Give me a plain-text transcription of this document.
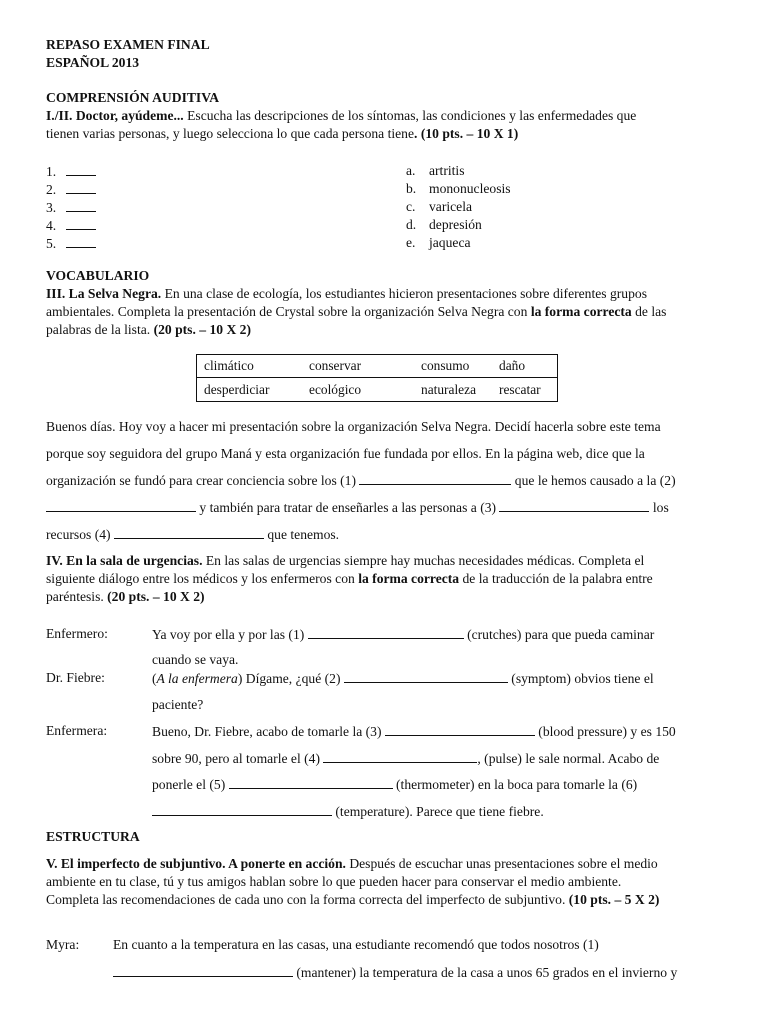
REPASO EXAMEN FINAL
ESPAÑOL 2013
COMPRENSIÓN AUDITIVA
I./II. Doctor, ayúdeme... Escucha las descripciones de los síntomas, las condiciones y las enfermedades que
tienen varias personas, y luego selecciona lo que cada persona tiene. (10 pts. – 10 X 1)
1.
2.
3.
4.
5.
a. artritis
b. mononucleosis
c. varicela
d. depresión
e. jaqueca
VOCABULARIO
III. La Selva Negra. En una clase de ecología, los estudiantes hicieron presentaciones sobre diferentes grupos
ambientales. Completa la presentación de Crystal sobre la organización Selva Negra con la forma correcta de las
palabras de la lista. (20 pts. – 10 X 2)
climático	conservar	consumo daño
desperdiciar	ecológico	naturaleza rescatar
Buenos días. Hoy voy a hacer mi presentación sobre la organización Selva Negra. Decidí hacerla sobre este tema
porque soy seguidora del grupo Maná y esta organización fue fundada por ellos. En la página web, dice que la
organización se fundó para crear conciencia sobre los (1)	que le hemos causado a la (2)
y también para tratar de enseñarles a las personas a (3)	los
recursos (4)	que tenemos.
IV. En la sala de urgencias. En las salas de urgencias siempre hay muchas necesidades médicas. Completa el
siguiente diálogo entre los médicos y los enfermeros con la forma correcta de la traducción de la palabra entre
paréntesis. (20 pts. – 10 X 2)
Enfermero:	Ya voy por ella y por las (1)	(crutches) para que pueda caminar
cuando se vaya.
Dr. Fiebre:	(A la enfermera) Dígame, ¿qué (2)	(symptom) obvios tiene el
paciente?
Enfermera:	Bueno, Dr. Fiebre, acabo de tomarle la (3)	(blood pressure) y es 150
sobre 90, pero al tomarle el (4)	, (pulse) le sale normal. Acabo de
ponerle el (5)	(thermometer) en la boca para tomarle la (6)
(temperature). Parece que tiene fiebre.
ESTRUCTURA
V. El imperfecto de subjuntivo. A ponerte en acción. Después de escuchar unas presentaciones sobre el medio
ambiente en tu clase, tú y tus amigos hablan sobre lo que pueden hacer para conservar el medio ambiente.
Completa las recomendaciones de cada uno con la forma correcta del imperfecto de subjuntivo. (10 pts. – 5 X 2)
Myra: En cuanto a la temperatura en las casas, una estudiante recomendó que todos nosotros (1)
(mantener) la temperatura de la casa a unos 65 grados en el invierno y
